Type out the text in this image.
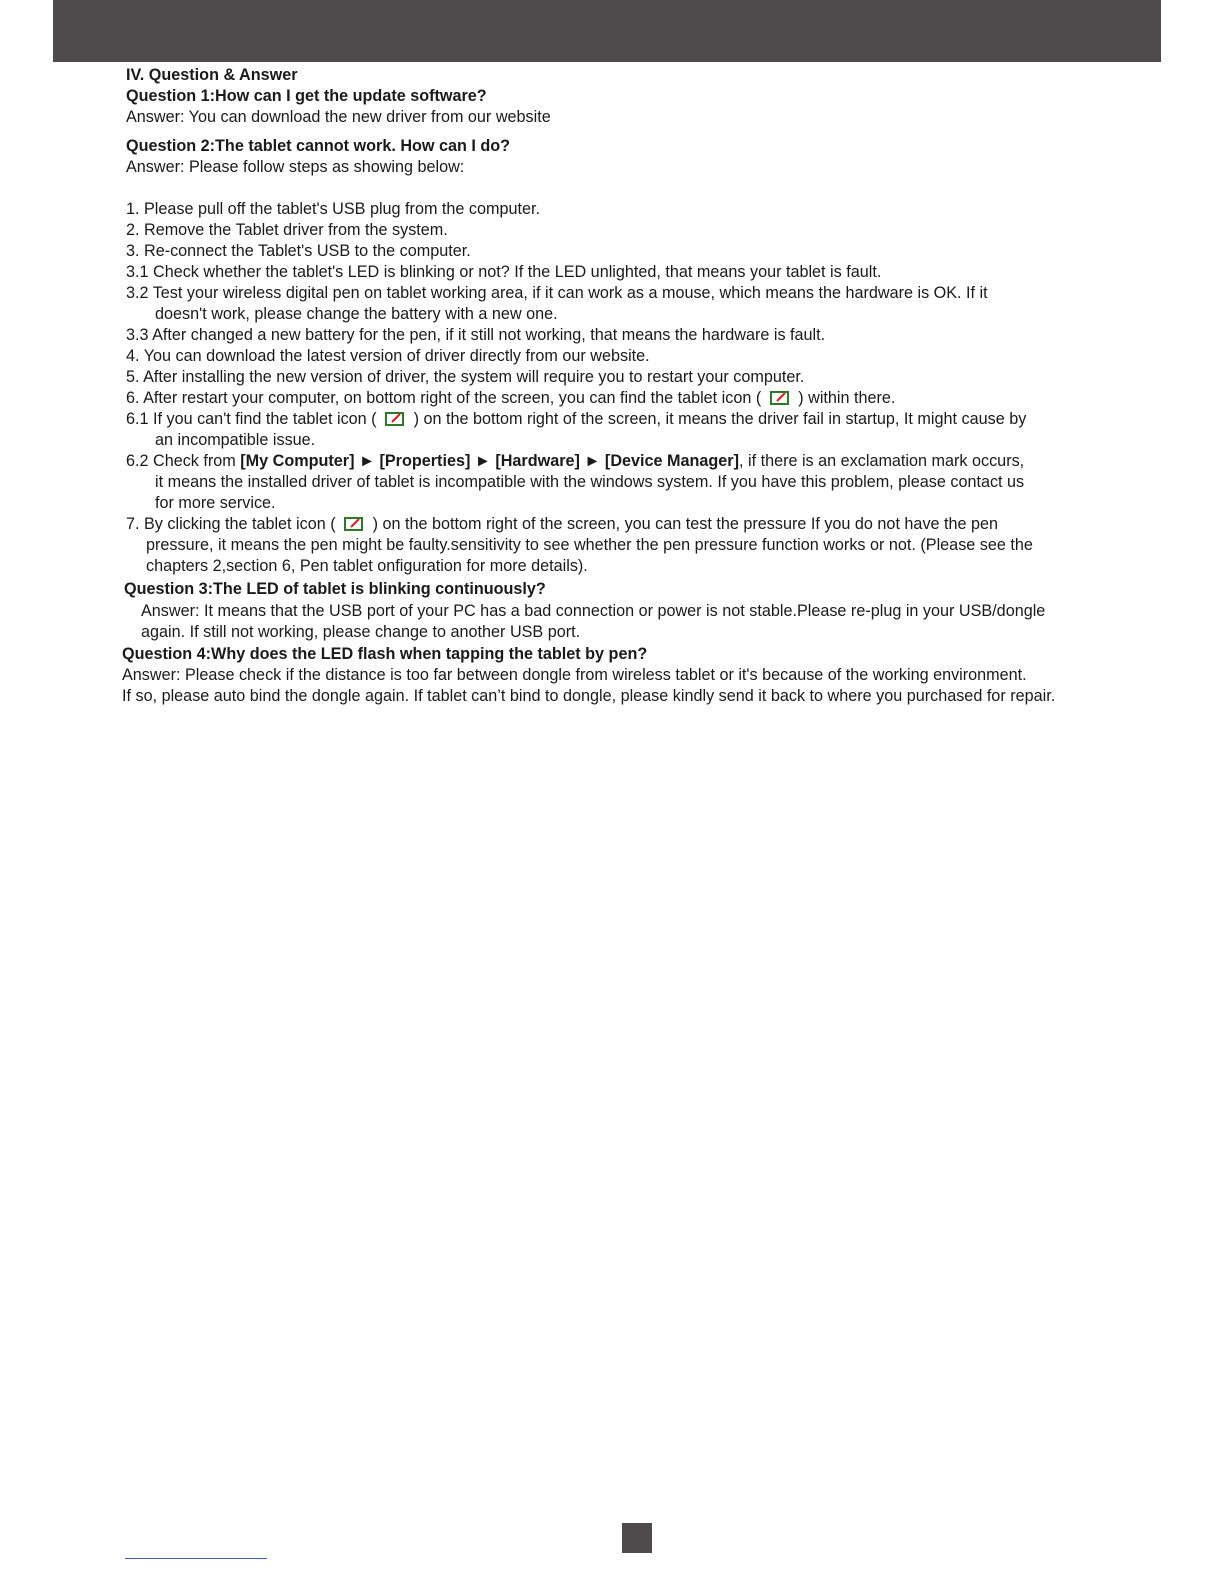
IV. Question & Answer
Question 1:How can I get the update software?
Answer: You can download the new driver from our website
Question 2:The tablet cannot work. How can I do?
Answer: Please follow steps as showing below:
1. Please pull off the tablet's USB plug from the computer.
2. Remove the Tablet driver from the system.
3. Re-connect the Tablet's USB to the computer.
3.1 Check whether the tablet's LED is blinking or not? If the LED unlighted, that means your tablet is fault.
3.2 Test your wireless digital pen on tablet working area, if it can work as a mouse, which means the hardware is OK. If it
doesn't work, please change the battery with a new one.
3.3 After changed a new battery for the pen, if it still not working, that means the hardware is fault.
4. You can download the latest version of driver directly from our website.
5. After installing the new version of driver, the system will require you to restart your computer.
6. After restart your computer, on bottom right of the screen, you can find the tablet icon ( ) within there.
6.1 If you can't find the tablet icon ( ) on the bottom right of the screen, it means the driver fail in startup, It might cause by
an incompatible issue.
6.2 Check from [My Computer] ► [Properties] ► [Hardware] ► [Device Manager], if there is an exclamation mark occurs,
it means the installed driver of tablet is incompatible with the windows system. If you have this problem, please contact us
for more service.
7. By clicking the tablet icon ( ) on the bottom right of the screen, you can test the pressure If you do not have the pen
pressure, it means the pen might be faulty.sensitivity to see whether the pen pressure function works or not. (Please see the
chapters 2,section 6, Pen tablet onfiguration for more details).
Question 3:The LED of tablet is blinking continuously?
Answer: It means that the USB port of your PC has a bad connection or power is not stable.Please re-plug in your USB/dongle
again. If still not working, please change to another USB port.
Question 4:Why does the LED flash when tapping the tablet by pen?
Answer: Please check if the distance is too far between dongle from wireless tablet or it's because of the working environment.
If so, please auto bind the dongle again. If tablet can’t bind to dongle, please kindly send it back to where you purchased for repair.
